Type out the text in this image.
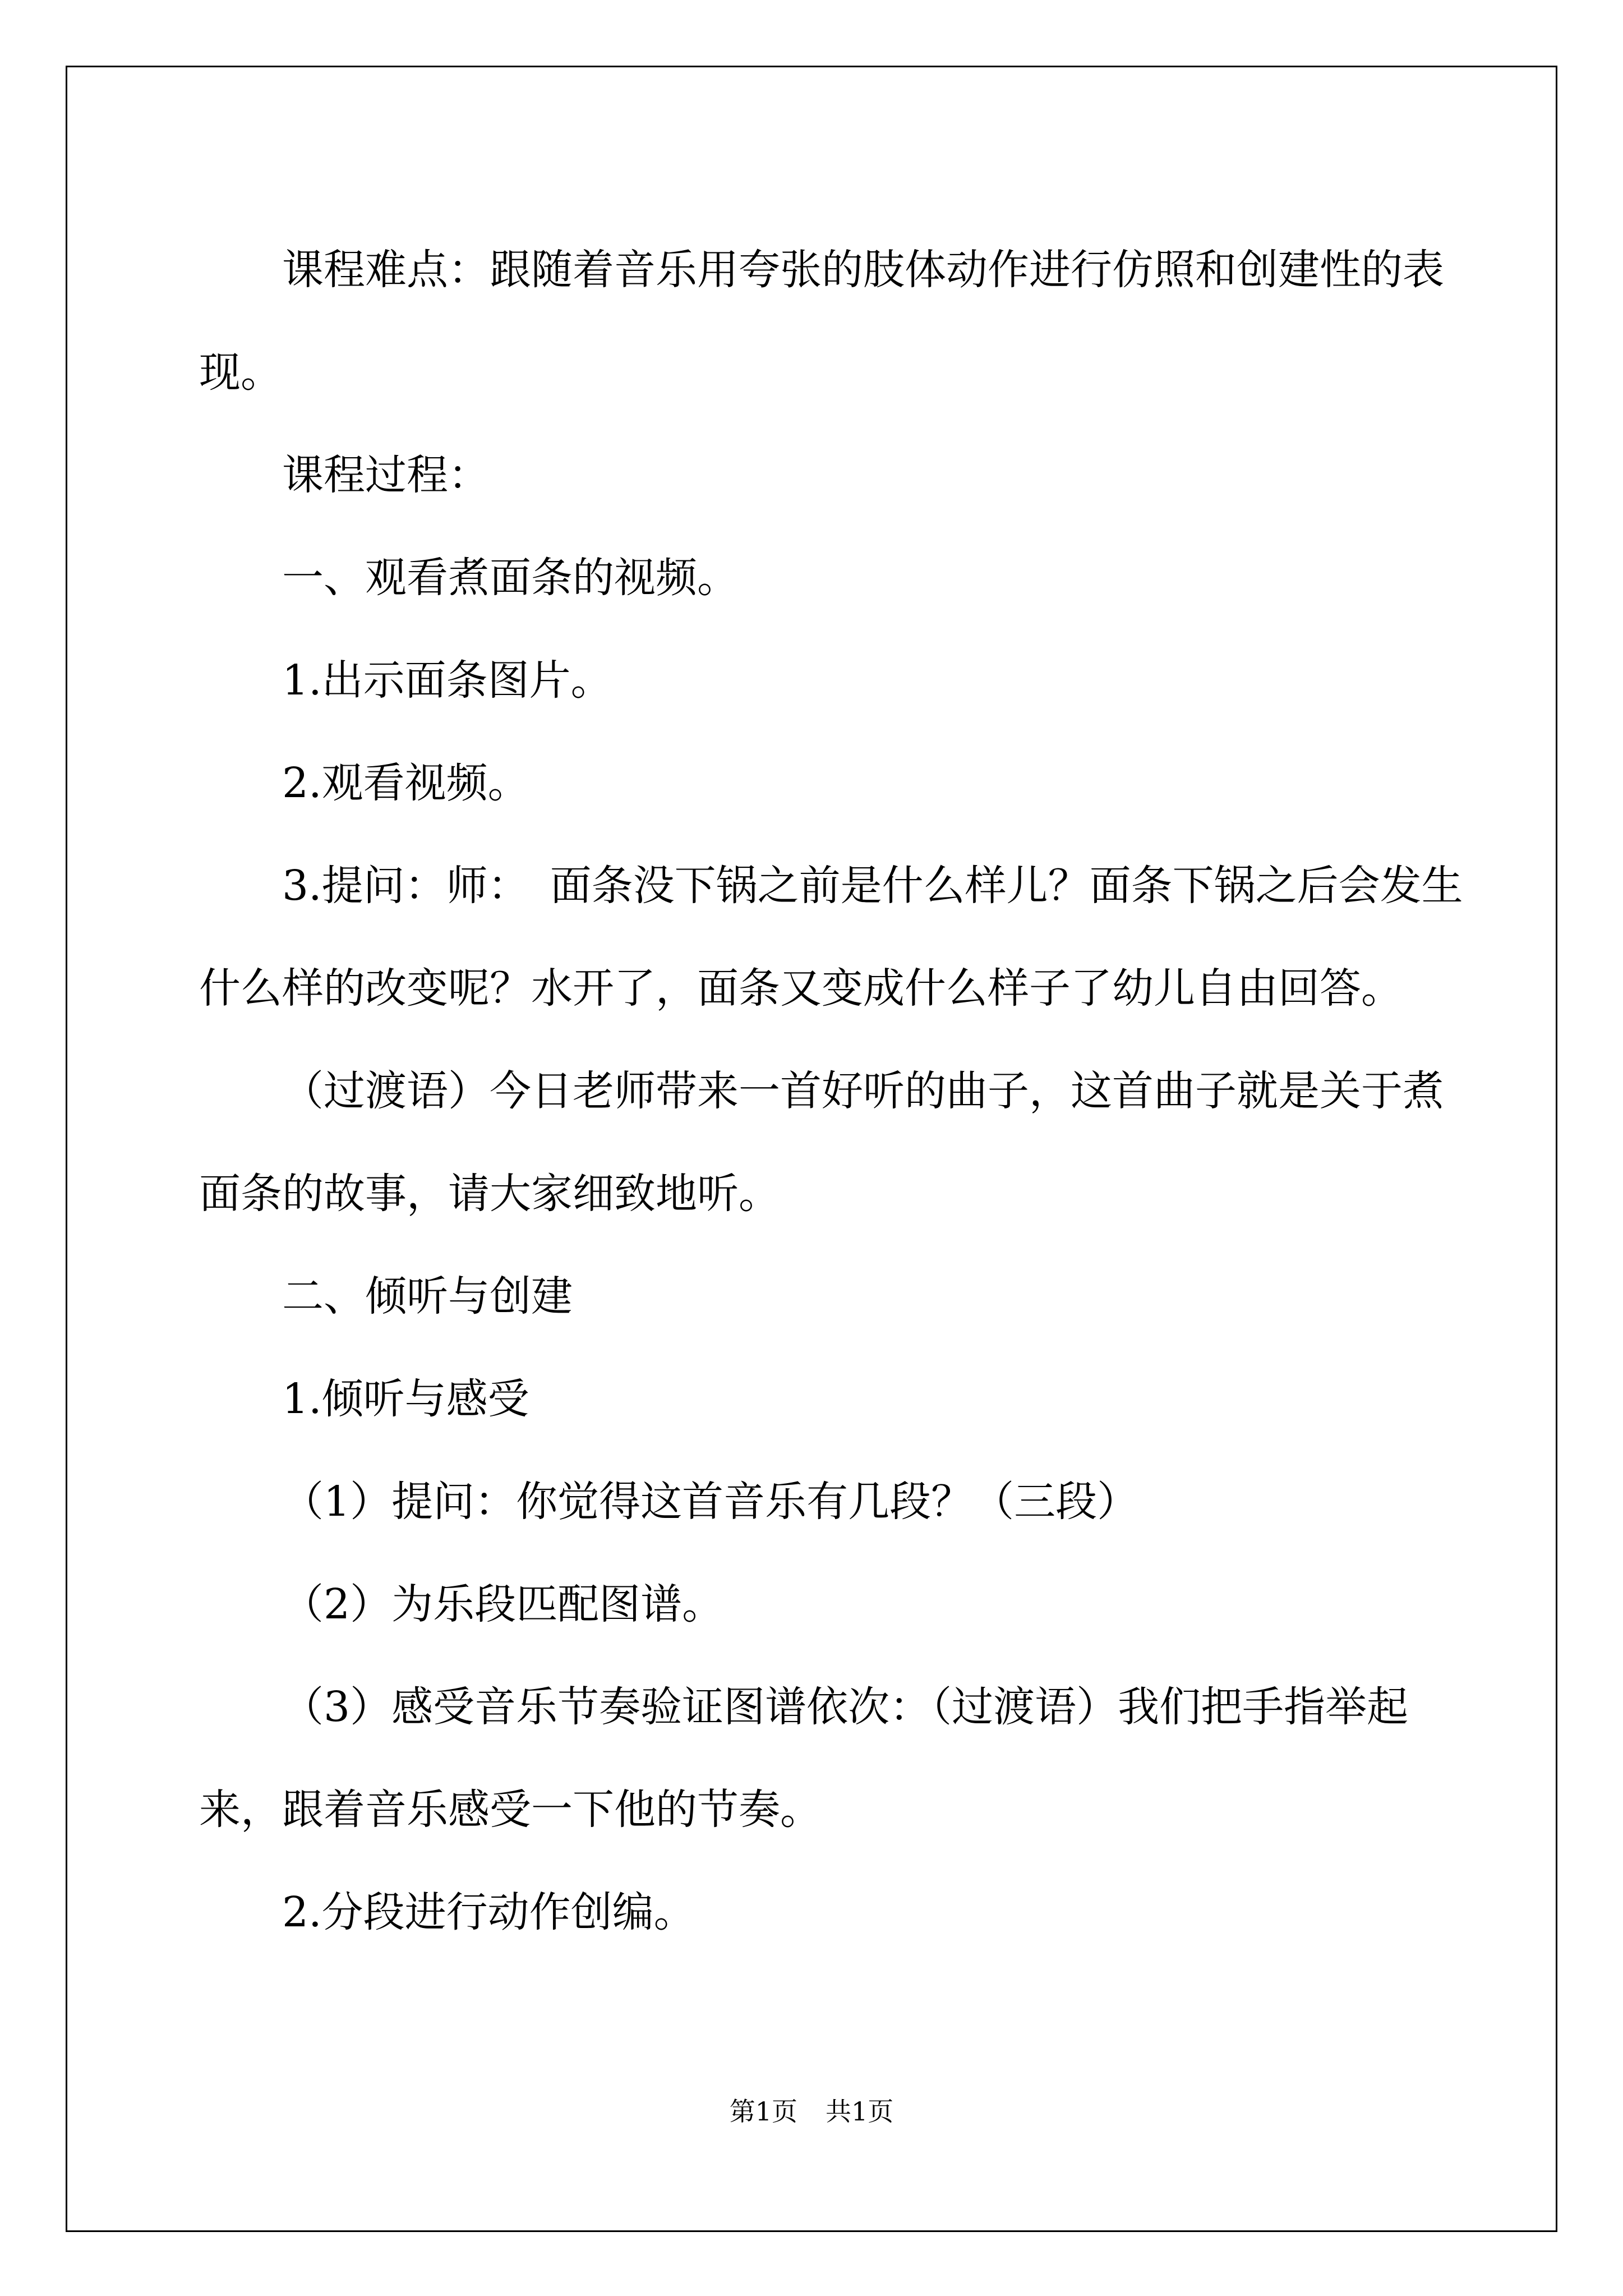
课程难点：跟随着音乐用夸张的肢体动作进行仿照和创建性的表现。

课程过程：

一、观看煮面条的视频。

1.出示面条图片。

2.观看视频。

3.提问：师：　面条没下锅之前是什么样儿？面条下锅之后会发生什么样的改变呢？水开了，面条又变成什么样子了幼儿自由回答。

（过渡语）今日老师带来一首好听的曲子，这首曲子就是关于煮面条的故事，请大家细致地听。

二、倾听与创建

1.倾听与感受

（1）提问：你觉得这首音乐有几段？（三段）

（2）为乐段匹配图谱。

（3）感受音乐节奏验证图谱依次：（过渡语）我们把手指举起来，跟着音乐感受一下他的节奏。

2.分段进行动作创编。

第1页 共1页
